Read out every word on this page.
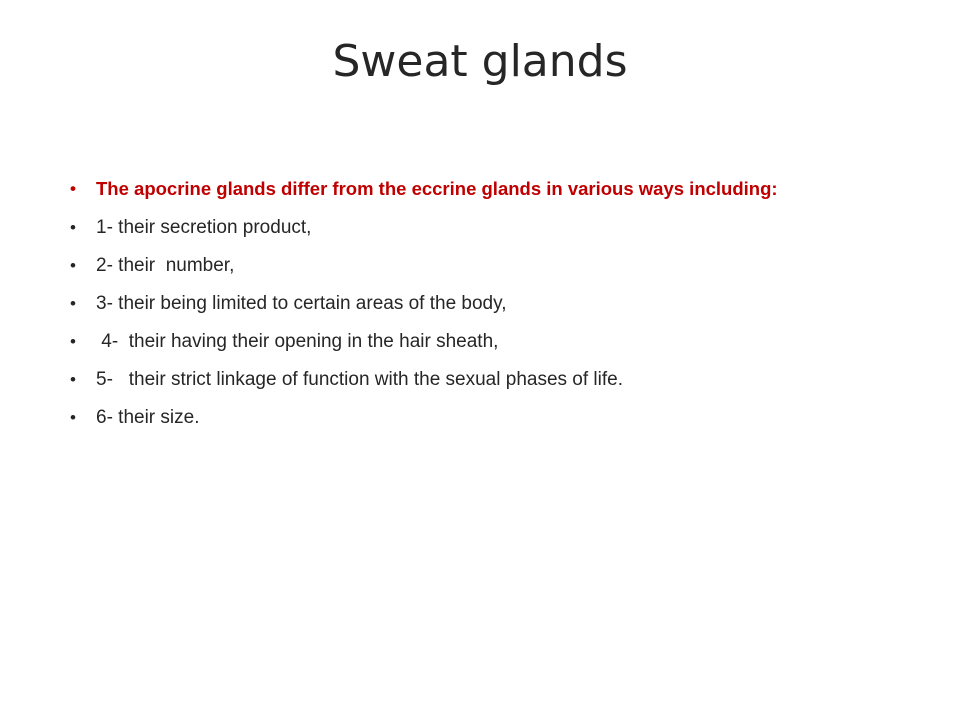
Sweat glands
•	The apocrine glands differ from the eccrine glands in various ways including:
•	1- their secretion product,
•	2- their  number,
•	3- their being limited to certain areas of the body,
•	4-  their having their opening in the hair sheath,
•	5-   their strict linkage of function with the sexual phases of life.
•	6- their size.
